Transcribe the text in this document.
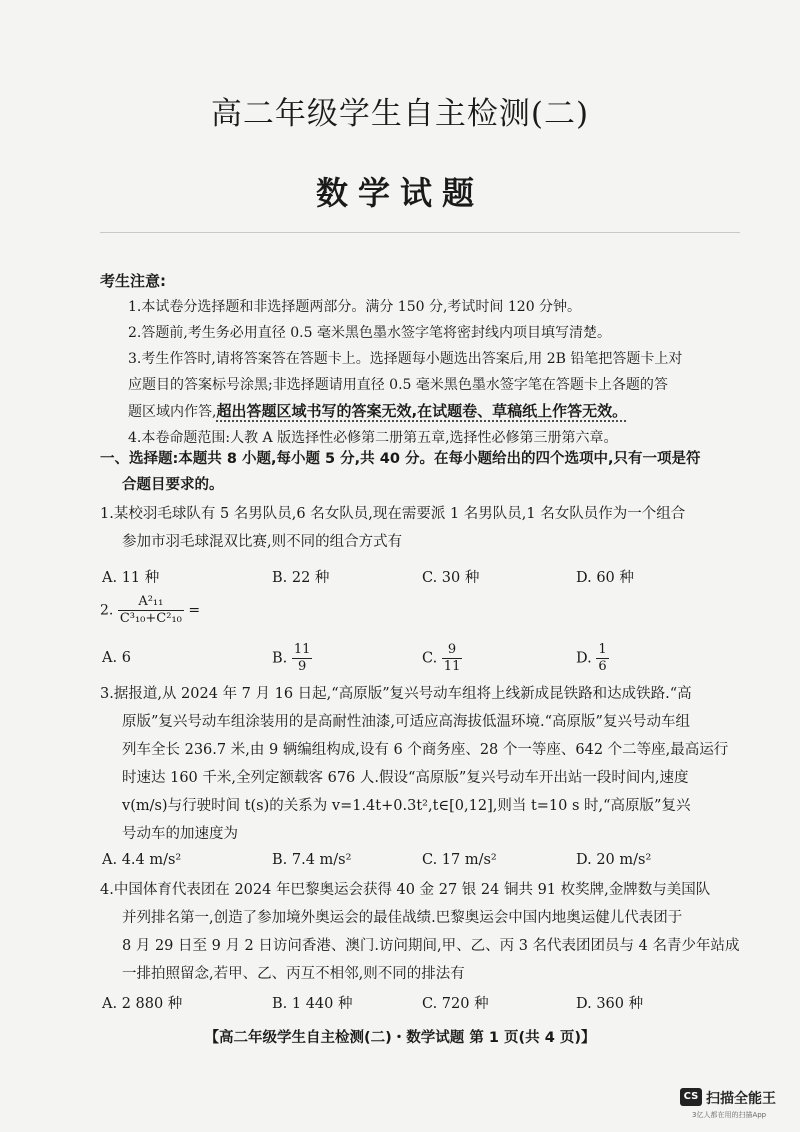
高二年级学生自主检测(二)
数学试题
考生注意:

1.本试卷分选择题和非选择题两部分。满分 150 分,考试时间 120 分钟。

2.答题前,考生务必用直径 0.5 毫米黑色墨水签字笔将密封线内项目填写清楚。

3.考生作答时,请将答案答在答题卡上。选择题每小题选出答案后,用 2B 铅笔把答题卡上对

应题目的答案标号涂黑;非选择题请用直径 0.5 毫米黑色墨水签字笔在答题卡上各题的答

题区域内作答,超出答题区域书写的答案无效,在试题卷、草稿纸上作答无效。

4.本卷命题范围:人教 A 版选择性必修第二册第五章,选择性必修第三册第六章。

一、选择题:本题共 8 小题,每小题 5 分,共 40 分。在每小题给出的四个选项中,只有一项是符
合题目要求的。

1.某校羽毛球队有 5 名男队员,6 名女队员,现在需要派 1 名男队员,1 名女队员作为一个组合

参加市羽毛球混双比赛,则不同的组合方式有

A. 11 种	B. 22 种	C. 30 种	D. 60 种
2. $\frac{\text{A²₁₁}}{\text{C³₁₀+C²₁₀}}$ =
A. 6	B. $\frac{11}{9}$	C. $\frac{9}{11}$	D. $\frac{1}{6}$

3.据报道,从 2024 年 7 月 16 日起,“高原版”复兴号动车组将上线新成昆铁路和达成铁路.“高

原版”复兴号动车组涂装用的是高耐性油漆,可适应高海拔低温环境.“高原版”复兴号动车组

列车全长 236.7 米,由 9 辆编组构成,设有 6 个商务座、28 个一等座、642 个二等座,最高运行

时速达 160 千米,全列定额载客 676 人.假设“高原版”复兴号动车开出站一段时间内,速度

v(m/s)与行驶时间 t(s)的关系为 v=1.4t+0.3t²,t∈[0,12],则当 t=10 s 时,“高原版”复兴

号动车的加速度为

A. 4.4 m/s²	B. 7.4 m/s²	C. 17 m/s²	D. 20 m/s²

4.中国体育代表团在 2024 年巴黎奥运会获得 40 金 27 银 24 铜共 91 枚奖牌,金牌数与美国队

并列排名第一,创造了参加境外奥运会的最佳战绩.巴黎奥运会中国内地奥运健儿代表团于

8 月 29 日至 9 月 2 日访问香港、澳门.访问期间,甲、乙、丙 3 名代表团团员与 4 名青少年站成

一排拍照留念,若甲、乙、丙互不相邻,则不同的排法有

A. 2 880 种	B. 1 440 种	C. 720 种	D. 360 种
【高二年级学生自主检测(二)・数学试题 第 1 页(共 4 页)】
CS 扫描全能王
3亿人都在用的扫描App
